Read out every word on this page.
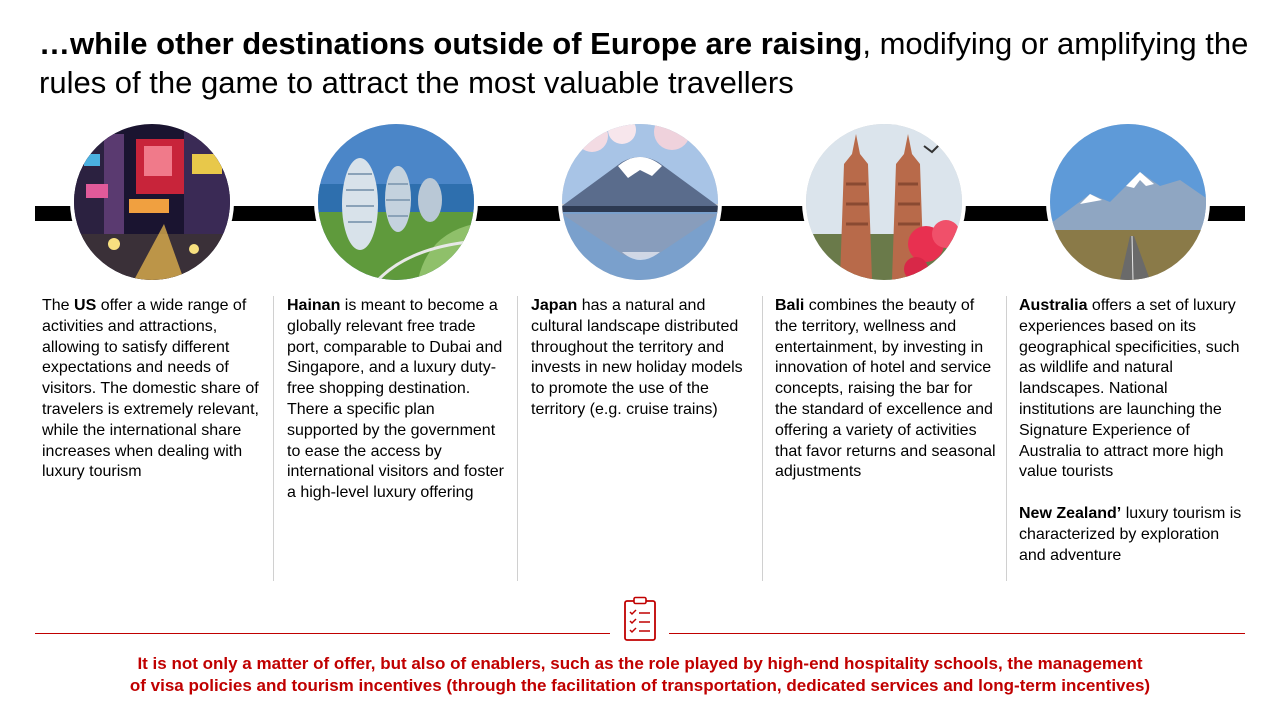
…while other destinations outside of Europe are raising, modifying or amplifying the rules of the game to attract the most valuable travellers

The US offer a wide range of activities and attractions, allowing to satisfy different expectations and needs of visitors. The domestic share of travelers is extremely relevant, while the international share increases when dealing with luxury tourism

Hainan is meant to become a globally relevant free trade port, comparable to Dubai and Singapore, and a luxury duty-free shopping destination. There a specific plan supported by the government to ease the access by international visitors and foster a high-level luxury offering

Japan has a natural and cultural landscape distributed throughout the territory and invests in new holiday models to promote the use of the territory (e.g. cruise trains)

Bali combines the beauty of the territory, wellness and entertainment, by investing in innovation of hotel and service concepts, raising the bar for the standard of excellence and offering a variety of activities that favor returns and seasonal adjustments

Australia offers a set of luxury experiences based on its geographical specificities, such as wildlife and natural landscapes. National institutions are launching the Signature Experience of Australia to attract more high value tourists

New Zealand’ luxury tourism is characterized by exploration and adventure

It is not only a matter of offer, but also of enablers, such as the role played by high-end hospitality schools, the management
of visa policies and tourism incentives (through the facilitation of transportation, dedicated services and long-term incentives)
